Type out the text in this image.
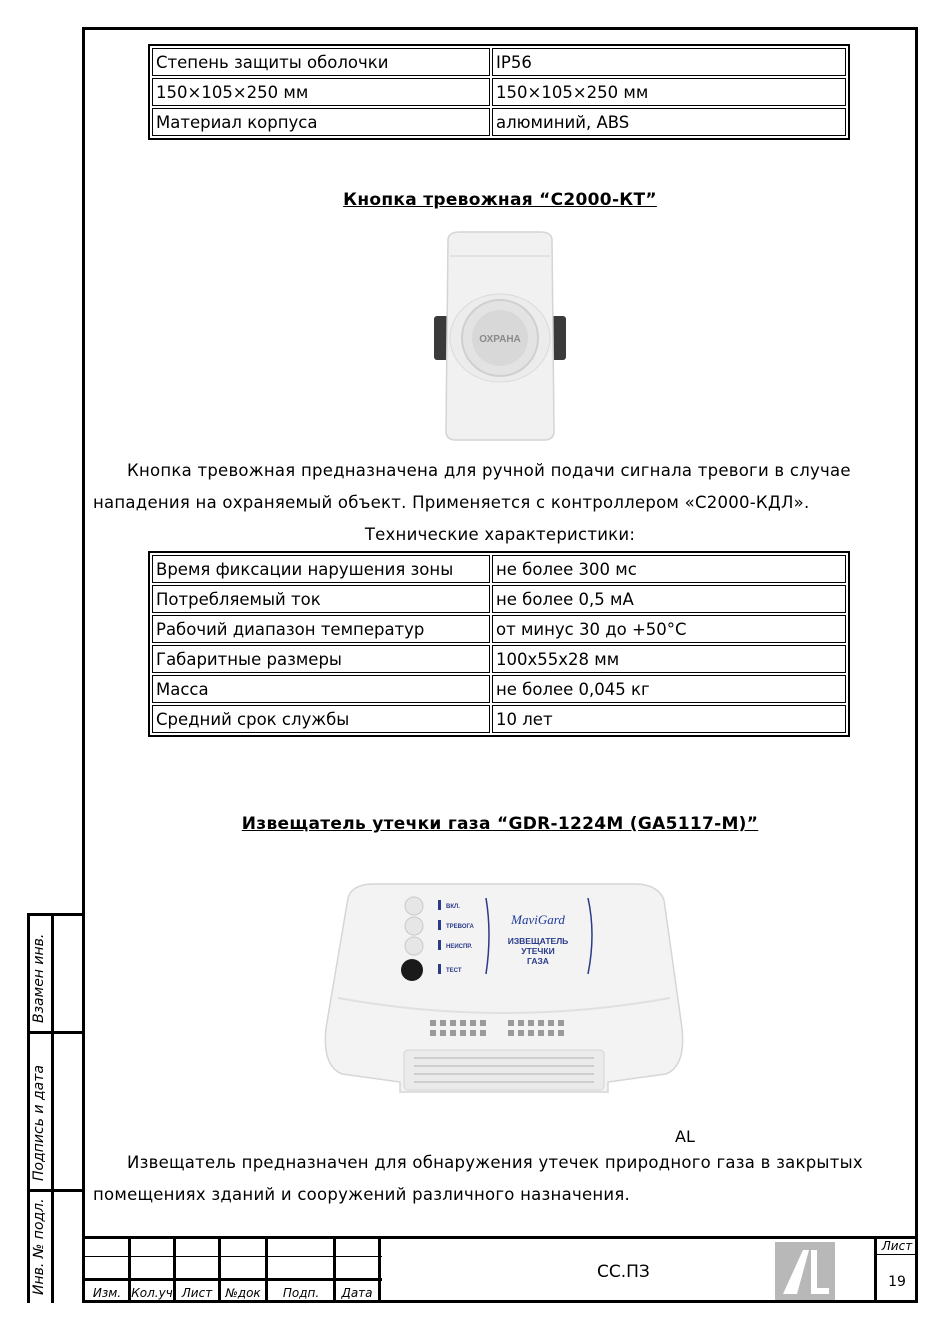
Степень защиты оболочки	IP56
150×105×250 мм	150×105×250 мм
Материал корпуса	алюминий, ABS
Кнопка тревожная “С2000-КТ”
ОХРАНА
Кнопка тревожная предназначена для ручной подачи сигнала тревоги в случае
нападения на охраняемый объект. Применяется с контроллером «С2000-КДЛ».
Технические характеристики:
Время фиксации нарушения зоны	не более 300 мс
Потребляемый ток	не более 0,5 мА
Рабочий диапазон температур	от минус 30 до +50°С
Габаритные размеры	100х55х28 мм
Масса	не более 0,045 кг
Средний срок службы	10 лет
Извещатель утечки газа “GDR-1224M (GA5117-M)”
ВКЛ.
ТРЕВОГА
НЕИСПР.
ТЕСТ
MaviGard
ИЗВЕЩАТЕЛЬ
УТЕЧКИ
ГАЗА
Извещатель предназначен для обнаружения утечек природного газа в закрытых
помещениях зданий и сооружений различного назначения.
Взамен инв.
Подпись и дата
Инв. № подл.	Изм. Кол.уч Лист	№док	Подп.	Дата
СС.ПЗ
AL
Лист
19
